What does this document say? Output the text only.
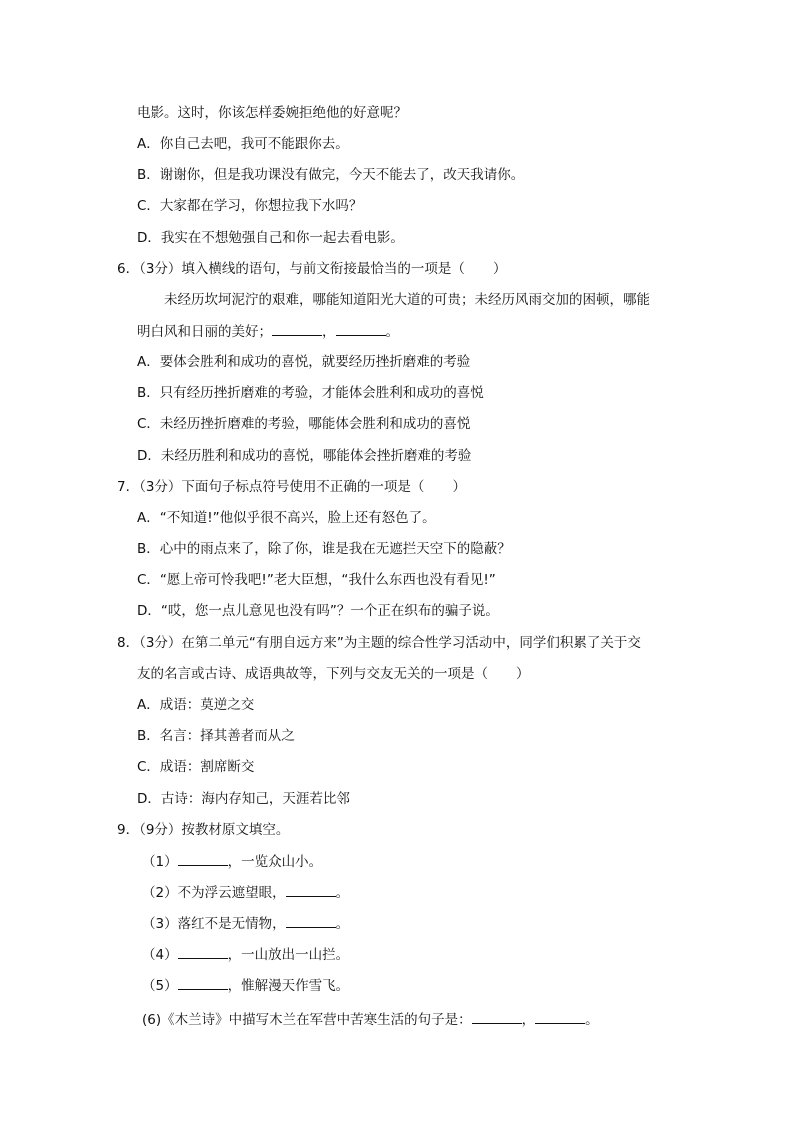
电影。这时，你该怎样委婉拒绝他的好意呢？
A．你自己去吧，我可不能跟你去。
B．谢谢你，但是我功课没有做完，今天不能去了，改天我请你。
C．大家都在学习，你想拉我下水吗？
D．我实在不想勉强自己和你一起去看电影。
6．（3分）填入横线的语句，与前文衔接最恰当的一项是（ ）
未经历坎坷泥泞的艰难，哪能知道阳光大道的可贵；未经历风雨交加的困顿，哪能
明白风和日丽的美好；	，	。
A．要体会胜利和成功的喜悦，就要经历挫折磨难的考验
B．只有经历挫折磨难的考验，才能体会胜利和成功的喜悦
C．未经历挫折磨难的考验，哪能体会胜利和成功的喜悦
D．未经历胜利和成功的喜悦，哪能体会挫折磨难的考验
7．（3分）下面句子标点符号使用不正确的一项是（ ）
A．“不知道!”他似乎很不高兴，脸上还有怒色了。
B．心中的雨点来了，除了你，谁是我在无遮拦天空下的隐蔽？
C．“愿上帝可怜我吧!”老大臣想，“我什么东西也没有看见!”
D．“哎，您一点儿意见也没有吗”？一个正在织布的骗子说。
8．（3分）在第二单元“有朋自远方来”为主题的综合性学习活动中，同学们积累了关于交
友的名言或古诗、成语典故等，下列与交友无关的一项是（ ）
A．成语：莫逆之交
B．名言：择其善者而从之
C．成语：割席断交
D．古诗：海内存知己，天涯若比邻
9．（9分）按教材原文填空。
（1）	，一览众山小。
（2）不为浮云遮望眼，	。
（3）落红不是无情物，	。
（4）	，一山放出一山拦。
（5）	，惟解漫天作雪飞。
(6)《木兰诗》中描写木兰在军营中苦寒生活的句子是：	，	。
